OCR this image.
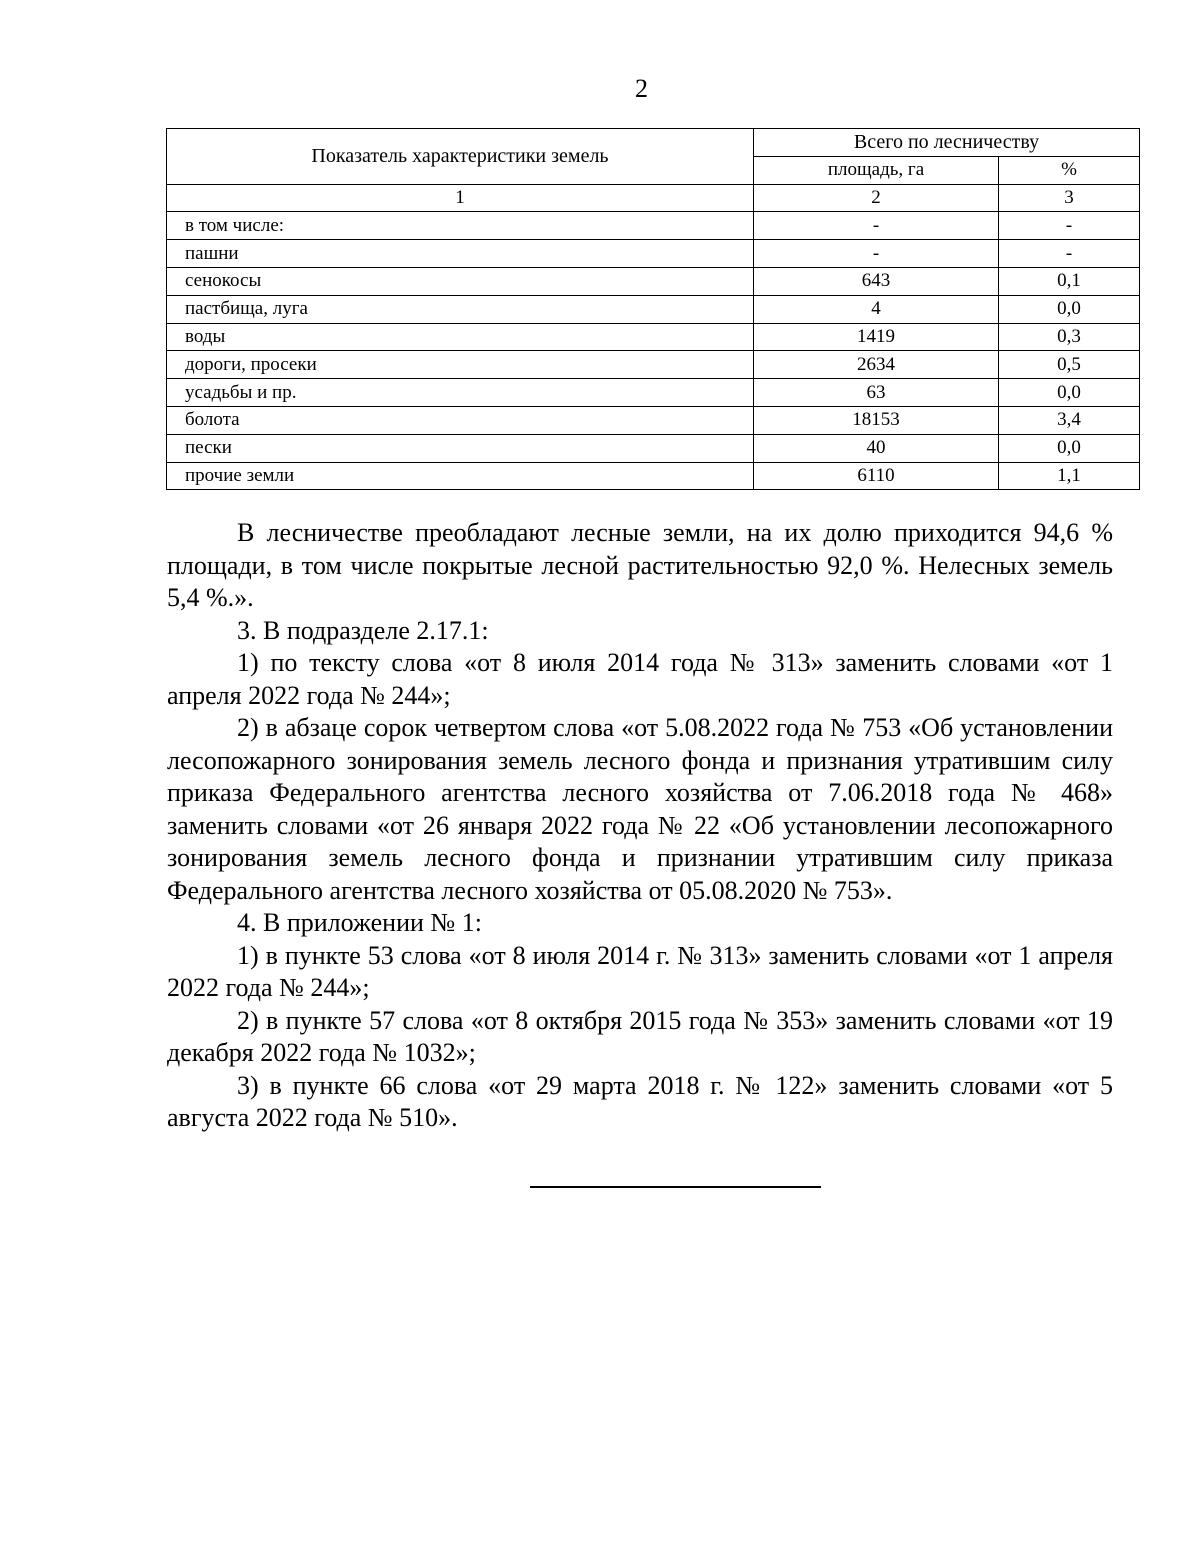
2
Показатель характеристики земель	Всего по лесничеству	
	площадь, га	%
1	2	3
в том числе:	-	-
пашни	-	-
сенокосы	643	0,1
пастбища, луга	4	0,0
воды	1419	0,3
дороги, просеки	2634	0,5
усадьбы и пр.	63	0,0
болота	18153	3,4
пески	40	0,0
прочие земли	6110	1,1

В лесничестве преобладают лесные земли, на их долю приходится 94,6 % площади, в том числе покрытые лесной растительностью 92,0 %. Нелесных земель 5,4 %.».

3. В подразделе 2.17.1:

1) по тексту слова «от 8 июля 2014 года № 313» заменить словами «от 1 апреля 2022 года № 244»;

2) в абзаце сорок четвертом слова «от 5.08.2022 года № 753 «Об установлении лесопожарного зонирования земель лесного фонда и признания утратившим силу приказа Федерального агентства лесного хозяйства от 7.06.2018 года № 468» заменить словами «от 26 января 2022 года № 22 «Об установлении лесопожарного зонирования земель лесного фонда и признании утратившим силу приказа Федерального агентства лесного хозяйства от 05.08.2020 № 753».

4. В приложении № 1:

1) в пункте 53 слова «от 8 июля 2014 г. № 313» заменить словами «от 1 апреля 2022 года № 244»;

2) в пункте 57 слова «от 8 октября 2015 года № 353» заменить словами «от 19 декабря 2022 года № 1032»;

3) в пункте 66 слова «от 29 марта 2018 г. № 122» заменить словами «от 5 августа 2022 года № 510».
